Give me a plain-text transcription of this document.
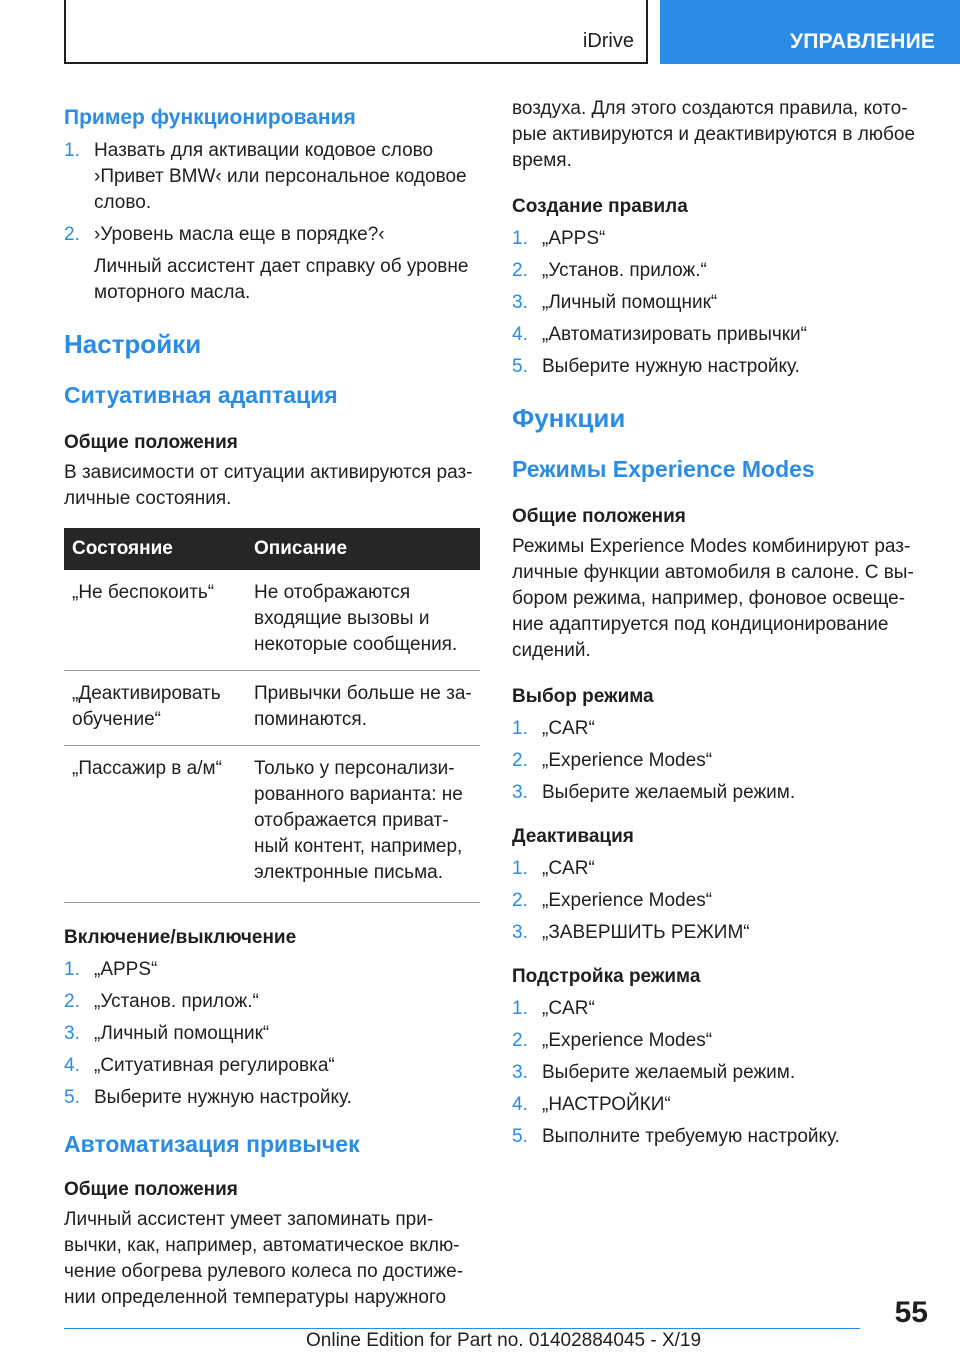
iDrive	УПРАВЛЕНИЕ
Пример функционирования
1. Назвать для активации кодовое слово ›Привет BMW‹ или персональное кодовое слово.
2. ›Уровень масла еще в порядке?‹
Личный ассистент дает справку об уровне моторного масла.
Настройки
Ситуативная адаптация
Общие положения

В зависимости от ситуации активируются различные состояния.

Состояние	Описание
„Не беспокоить“	Не отображаются входящие вызовы и некоторые сообщения.
„Деактивировать обучение“	Привычки больше не запоминаются.
„Пассажир в а/м“	Только у персонализированного варианта: не отображается приватный контент, например, электронные письма.
Включение/выключение
1. „APPS“
2. „Установ. прилож.“
3. „Личный помощник“
4. „Ситуативная регулировка“
5. Выберите нужную настройку.
Автоматизация привычек
Общие положения

Личный ассистент умеет запоминать привычки, как, например, автоматическое включение обогрева рулевого колеса по достижении определенной температуры наружного

воздуха. Для этого создаются правила, которые активируются и деактивируются в любое время.

Создание правила
1. „APPS“
2. „Установ. прилож.“
3. „Личный помощник“
4. „Автоматизировать привычки“
5. Выберите нужную настройку.
Функции
Режимы Experience Modes
Общие положения

Режимы Experience Modes комбинируют различные функции автомобиля в салоне. С выбором режима, например, фоновое освещение адаптируется под кондиционирование сидений.

Выбор режима
1. „CAR“
2. „Experience Modes“
3. Выберите желаемый режим.
Деактивация
1. „CAR“
2. „Experience Modes“
3. „ЗАВЕРШИТЬ РЕЖИМ“
Подстройка режима
1. „CAR“
2. „Experience Modes“
3. Выберите желаемый режим.
4. „НАСТРОЙКИ“
5. Выполните требуемую настройку.
55
Online Edition for Part no. 01402884045 - X/19
